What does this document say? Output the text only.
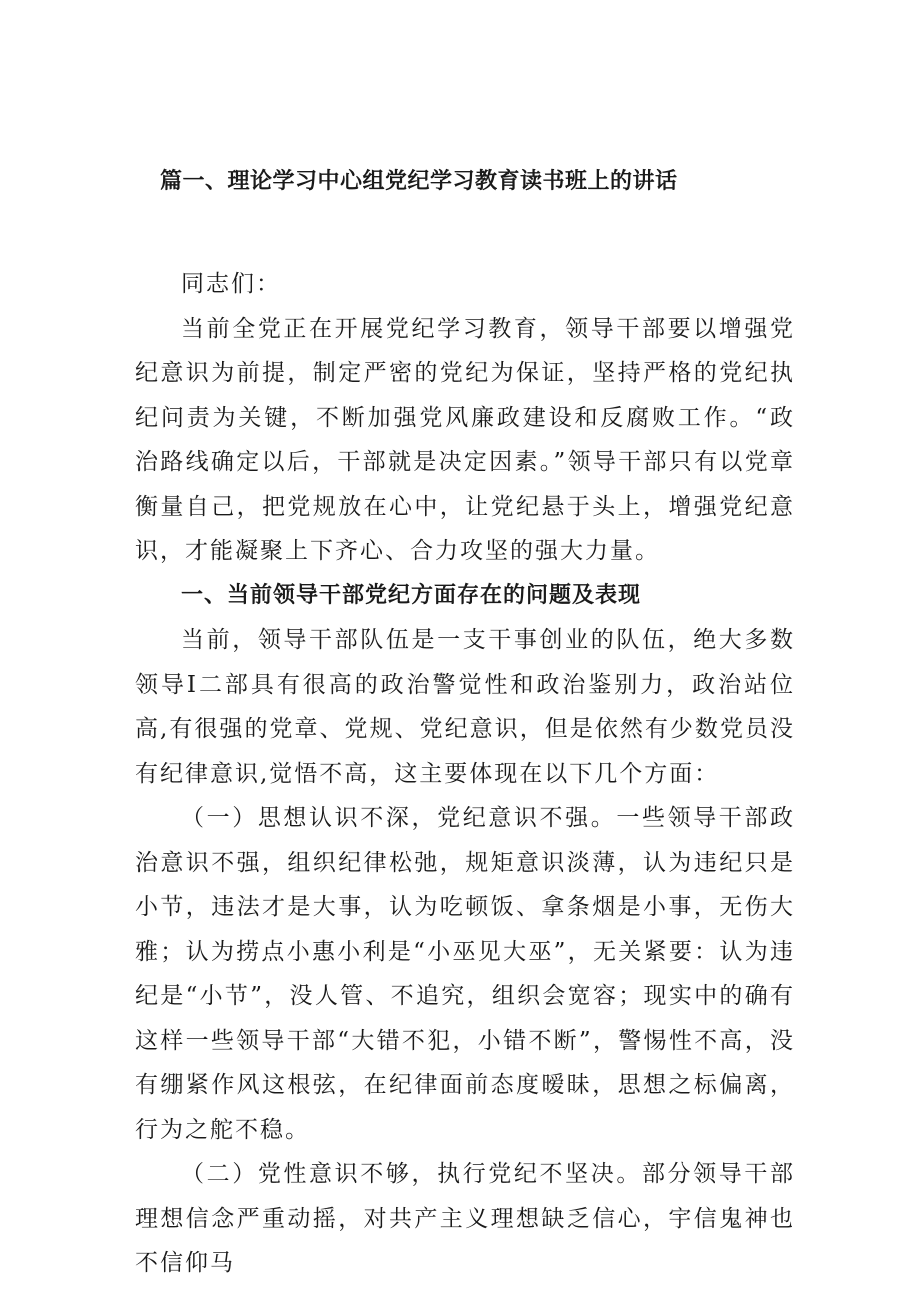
篇一、理论学习中心组党纪学习教育读书班上的讲话

同志们：

当前全党正在开展党纪学习教育，领导干部要以增强党纪意识为前提，制定严密的党纪为保证，坚持严格的党纪执纪问责为关键，不断加强党风廉政建设和反腐败工作。“政治路线确定以后，干部就是决定因素。”领导干部只有以党章衡量自己，把党规放在心中，让党纪悬于头上，增强党纪意识，才能凝聚上下齐心、合力攻坚的强大力量。

一、当前领导干部党纪方面存在的问题及表现

当前，领导干部队伍是一支干事创业的队伍，绝大多数领导I二部具有很高的政治警觉性和政治鉴别力，政治站位高,有很强的党章、党规、党纪意识，但是依然有少数党员没有纪律意识,觉悟不高，这主要体现在以下几个方面：

（一）思想认识不深，党纪意识不强。一些领导干部政治意识不强，组织纪律松弛，规矩意识淡薄，认为违纪只是小节，违法才是大事，认为吃顿饭、拿条烟是小事，无伤大雅；认为捞点小惠小利是“小巫见大巫”，无关紧要：认为违纪是“小节”，没人管、不追究，组织会宽容；现实中的确有这样一些领导干部“大错不犯，小错不断”，警惕性不高，没有绷紧作风这根弦，在纪律面前态度暧昧，思想之标偏离，行为之舵不稳。

（二）党性意识不够，执行党纪不坚决。部分领导干部理想信念严重动摇，对共产主义理想缺乏信心，宇信鬼神也不信仰马
